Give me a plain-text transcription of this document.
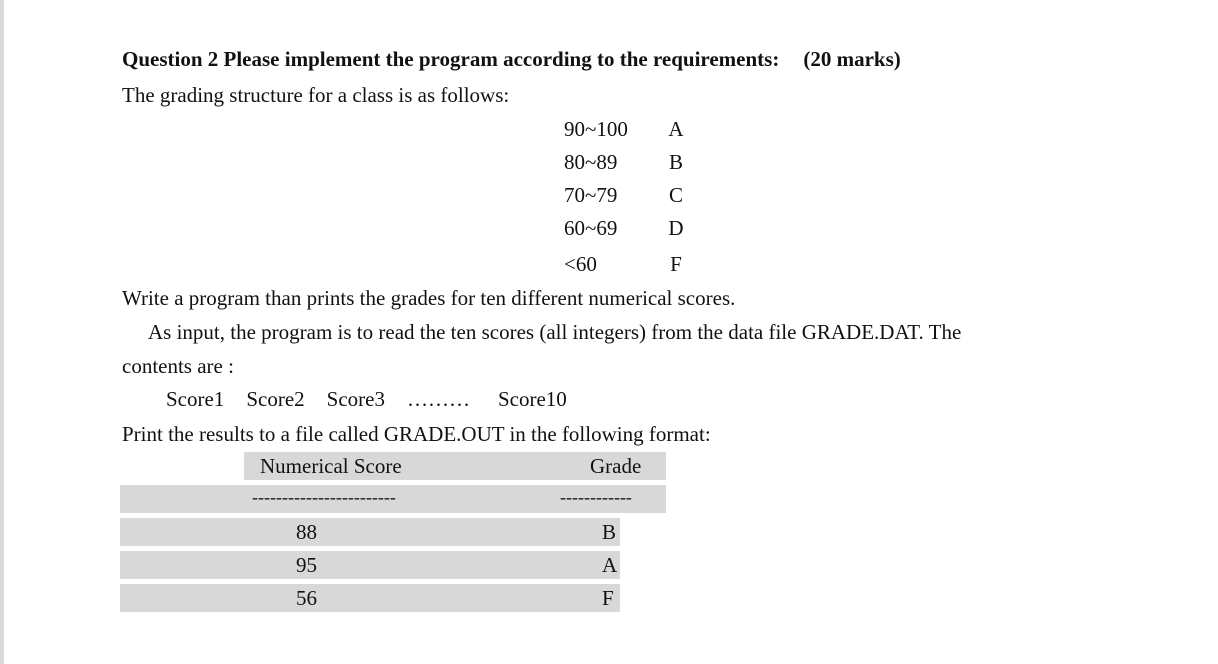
Question 2 Please implement the program according to the requirements: (20 marks)
The grading structure for a class is as follows:
90~100 A
80~89 B
70~79 C
60~69 D
<60	F
Write a program than prints the grades for ten different numerical scores.
As input, the program is to read the ten scores (all integers) from the data file GRADE.DAT. The
contents are :
Score1 Score2 Score3 ……… Score10
Print the results to a file called GRADE.OUT in the following format:
Numerical Score	Grade
------------------------	------------
88	B
95	A
56	F
